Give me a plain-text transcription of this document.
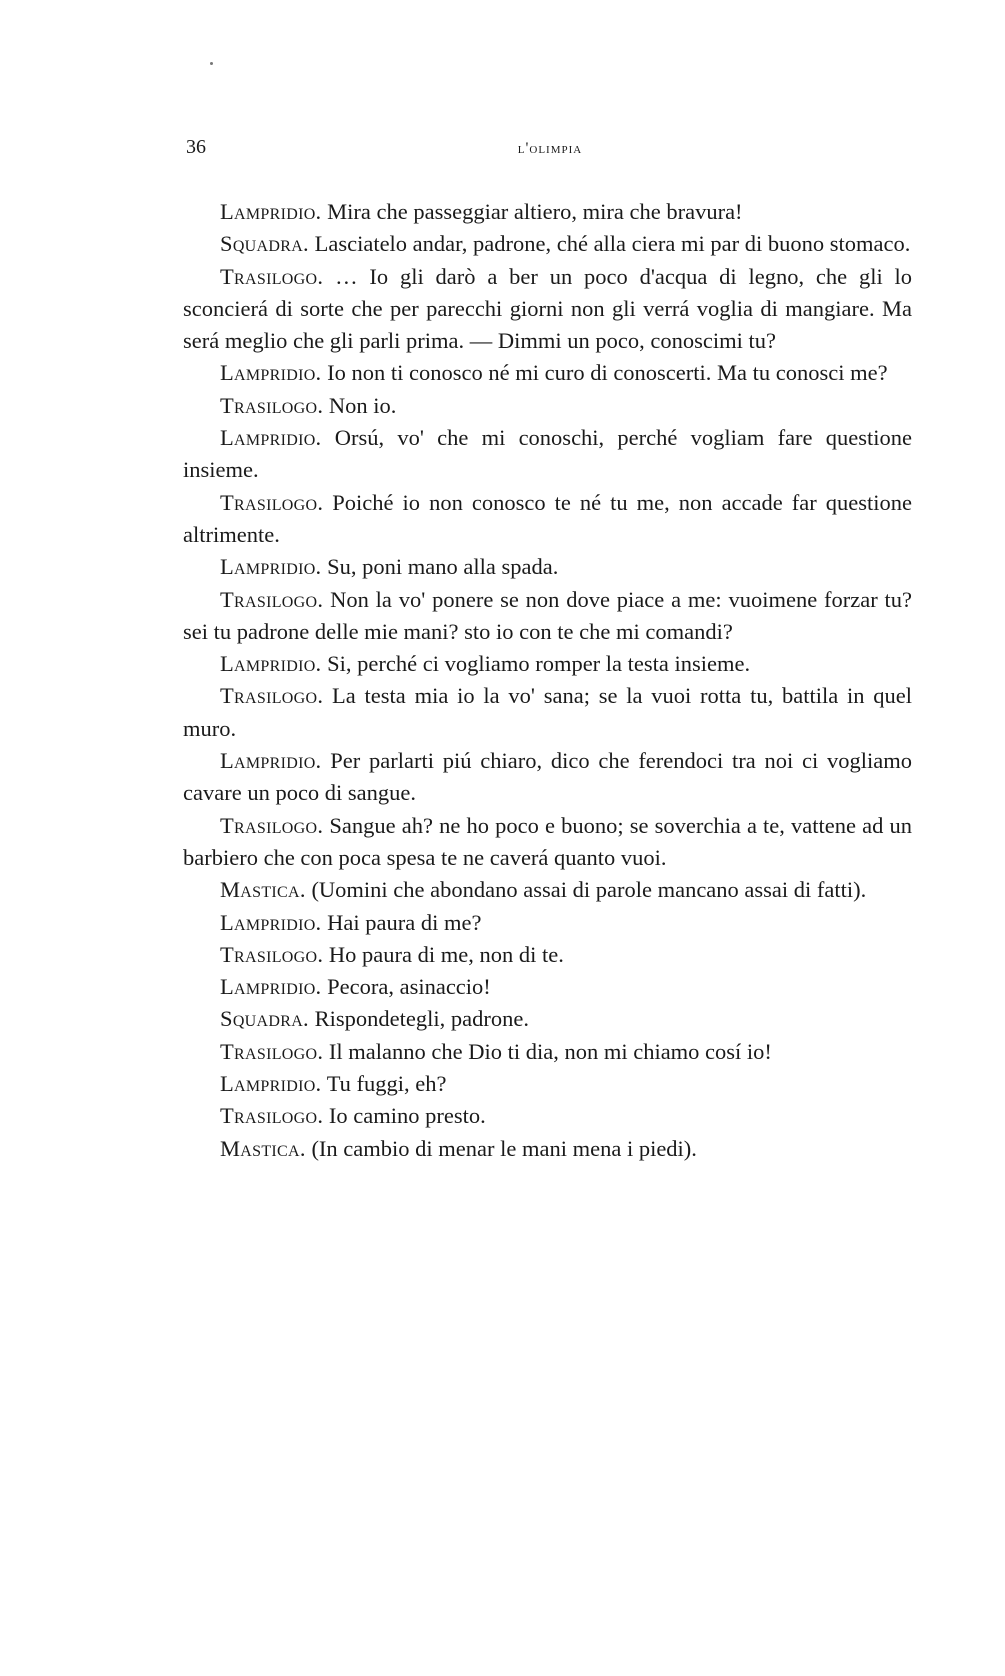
36	l'olimpia

Lampridio. Mira che passeggiar altiero, mira che bravura!

Squadra. Lasciatelo andar, padrone, ché alla ciera mi par di buono stomaco.

Trasilogo. … Io gli darò a ber un poco d'acqua di legno, che gli lo sconcierá di sorte che per parecchi giorni non gli verrá voglia di mangiare. Ma será meglio che gli parli prima. — Dimmi un poco, conoscimi tu?

Lampridio. Io non ti conosco né mi curo di conoscerti. Ma tu conosci me?

Trasilogo. Non io.

Lampridio. Orsú, vo' che mi conoschi, perché vogliam fare questione insieme.

Trasilogo. Poiché io non conosco te né tu me, non accade far questione altrimente.

Lampridio. Su, poni mano alla spada.

Trasilogo. Non la vo' ponere se non dove piace a me: vuoimene forzar tu? sei tu padrone delle mie mani? sto io con te che mi comandi?

Lampridio. Si, perché ci vogliamo romper la testa insieme.

Trasilogo. La testa mia io la vo' sana; se la vuoi rotta tu, battila in quel muro.

Lampridio. Per parlarti piú chiaro, dico che ferendoci tra noi ci vogliamo cavare un poco di sangue.

Trasilogo. Sangue ah? ne ho poco e buono; se soverchia a te, vattene ad un barbiero che con poca spesa te ne caverá quanto vuoi.

Mastica. (Uomini che abondano assai di parole mancano assai di fatti).

Lampridio. Hai paura di me?

Trasilogo. Ho paura di me, non di te.

Lampridio. Pecora, asinaccio!

Squadra. Rispondetegli, padrone.

Trasilogo. Il malanno che Dio ti dia, non mi chiamo cosí io!

Lampridio. Tu fuggi, eh?

Trasilogo. Io camino presto.

Mastica. (In cambio di menar le mani mena i piedi).
